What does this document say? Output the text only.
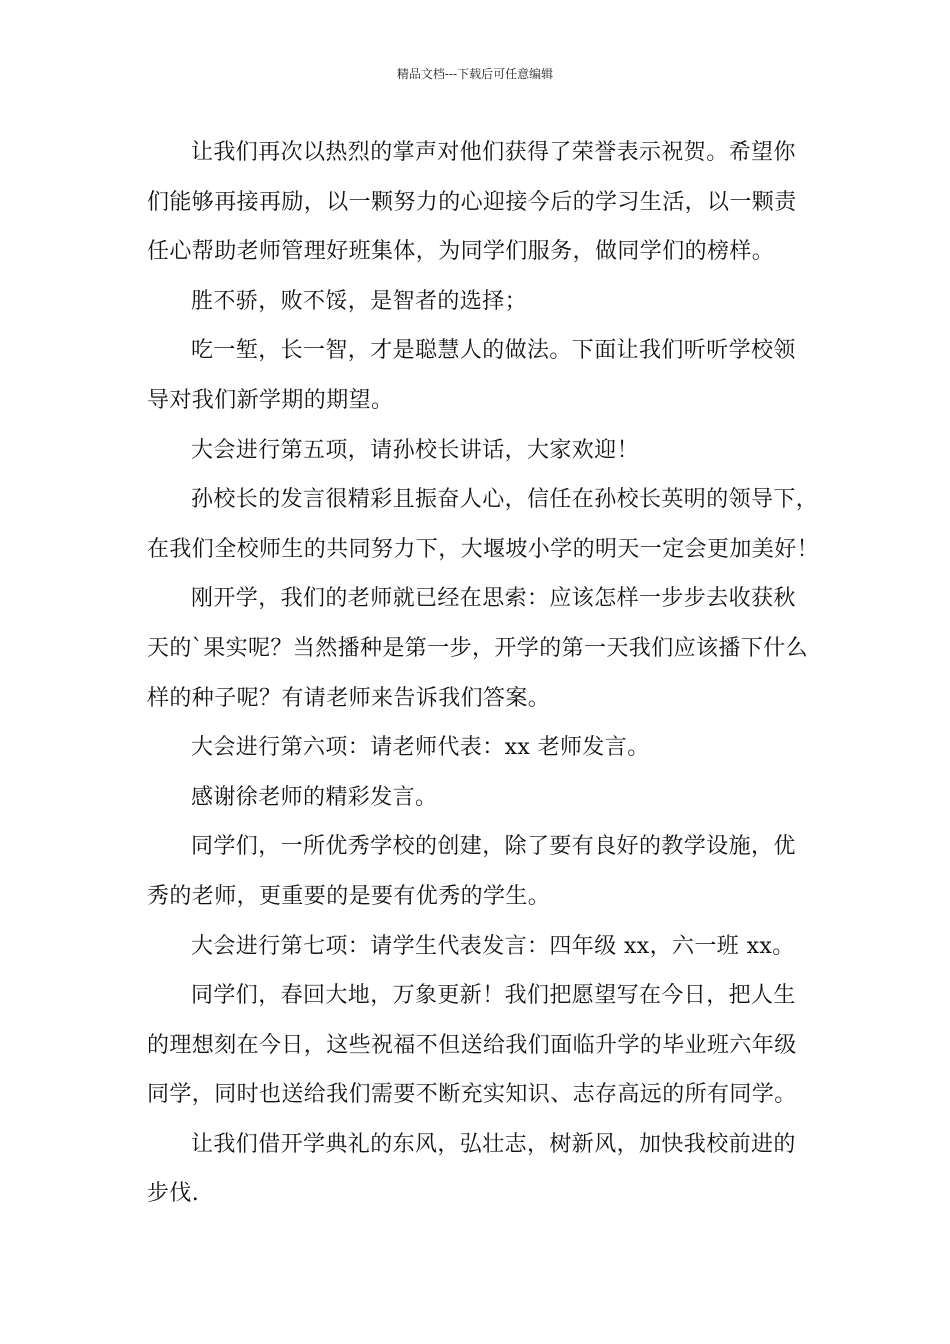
精品文档---下载后可任意编辑
让我们再次以热烈的掌声对他们获得了荣誉表示祝贺。希望你
们能够再接再励，以一颗努力的心迎接今后的学习生活，以一颗责
任心帮助老师管理好班集体，为同学们服务，做同学们的榜样。
胜不骄，败不馁，是智者的选择；
吃一堑，长一智，才是聪慧人的做法。下面让我们听听学校领
导对我们新学期的期望。
大会进行第五项，请孙校长讲话，大家欢迎！
孙校长的发言很精彩且振奋人心，信任在孙校长英明的领导下，
在我们全校师生的共同努力下，大堰坡小学的明天一定会更加美好！
刚开学，我们的老师就已经在思索：应该怎样一步步去收获秋
天的`果实呢？当然播种是第一步，开学的第一天我们应该播下什么
样的种子呢？有请老师来告诉我们答案。
大会进行第六项：请老师代表：xx 老师发言。
感谢徐老师的精彩发言。
同学们，一所优秀学校的创建，除了要有良好的教学设施，优
秀的老师，更重要的是要有优秀的学生。
大会进行第七项：请学生代表发言：四年级 xx，六一班 xx。
同学们，春回大地，万象更新！我们把愿望写在今日，把人生
的理想刻在今日，这些祝福不但送给我们面临升学的毕业班六年级
同学，同时也送给我们需要不断充实知识、志存高远的所有同学。
让我们借开学典礼的东风，弘壮志，树新风，加快我校前进的
步伐.
